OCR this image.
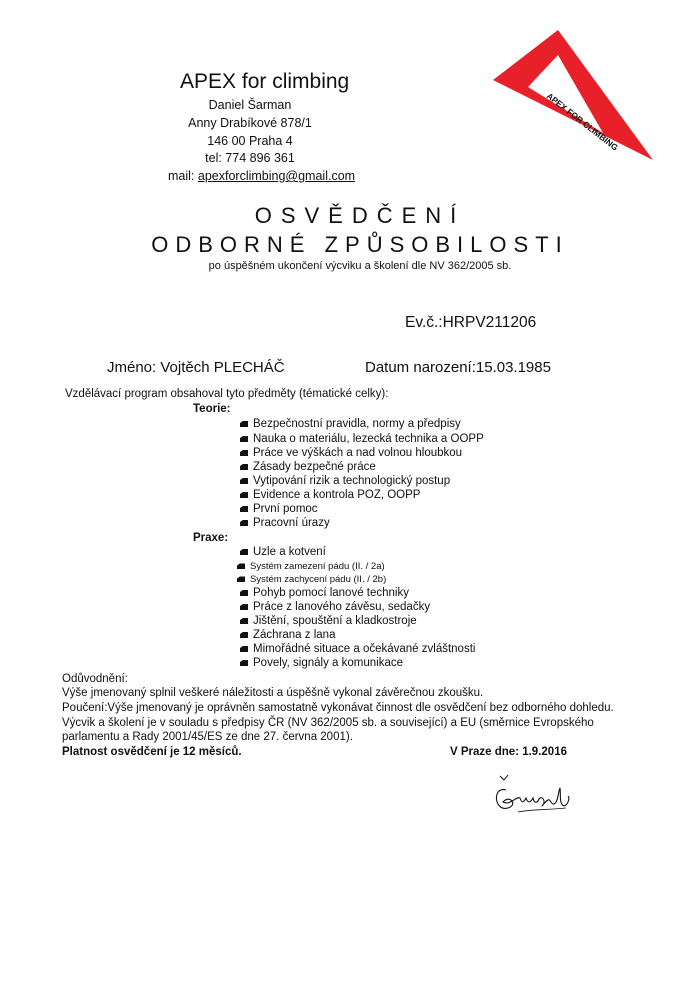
APEX for climbing
Daniel Šarman
Anny Drabíkové 878/1
146 00 Praha 4
tel: 774 896 361
mail: apexforclimbing@gmail.com
APEX FOR CLIMBING
OSVĚDČENÍ
ODBORNÉ ZPŮSOBILOSTI
po úspěšném ukončení výcviku a školení dle NV 362/2005 sb.
Ev.č.:HRPV211206
Jméno: Vojtěch PLECHÁČ	Datum narození:15.03.1985
Vzdělávací program obsahoval tyto předměty (tématické celky):
Teorie:
Bezpečnostní pravidla, normy a předpisy
Nauka o materiálu, lezecká technika a OOPP
Práce ve výškách a nad volnou hloubkou
Zásady bezpečné práce
Vytipování rizik a technologický postup
Evidence a kontrola POZ, OOPP
První pomoc
Pracovní úrazy
Praxe:
Uzle a kotvení
Systém zamezení pádu (II. / 2a)
Systém zachycení pádu (II. / 2b)
Pohyb pomocí lanové techniky
Práce z lanového závěsu, sedačky
Jištění, spouštění a kladkostroje
Záchrana z lana
Mimořádné situace a očekávané zvláštnosti
Povely, signály a komunikace
Odůvodnění:
Výše jmenovaný splnil veškeré náležitosti a úspěšně vykonal závěrečnou zkoušku.
Poučení:Výše jmenovaný je oprávněn samostatně vykonávat činnost dle osvědčení bez odborného dohledu.
Výcvik a školení je v souladu s předpisy ČR (NV 362/2005 sb. a související) a EU (směrnice Evropského
parlamentu a Rady 2001/45/ES ze dne 27. června 2001).
Platnost osvědčení je 12 měsíců.	V Praze dne: 1.9.2016
